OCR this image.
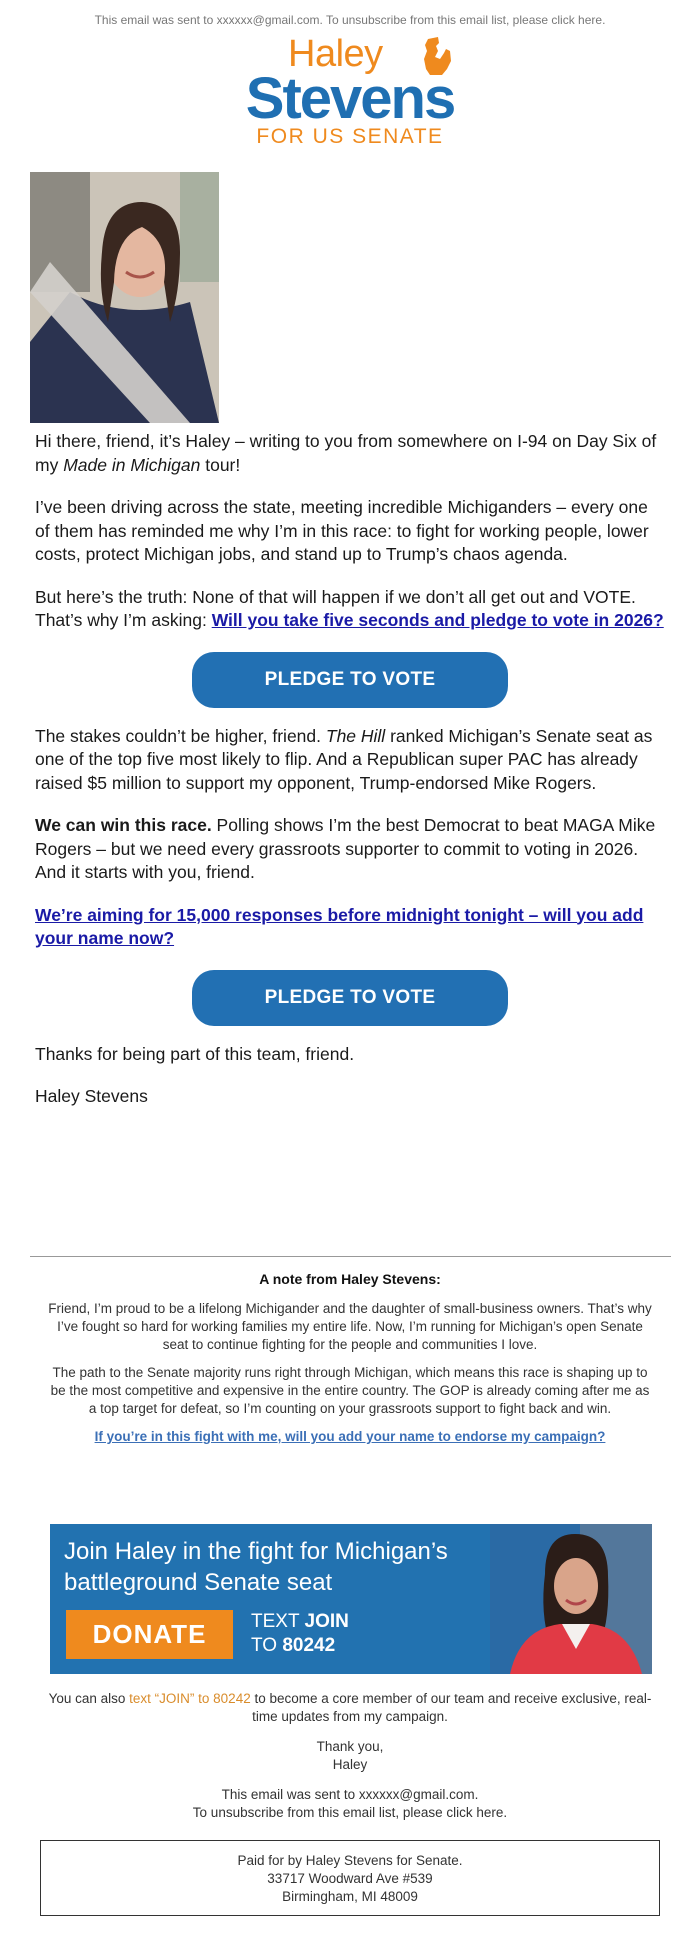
This email was sent to xxxxxx@gmail.com. To unsubscribe from this email list, please click here.
Haley
Stevens
FOR US SENATE

Hi there, friend, it’s Haley – writing to you from somewhere on I-94 on Day Six of my Made in Michigan tour!

I’ve been driving across the state, meeting incredible Michiganders – every one of them has reminded me why I’m in this race: to fight for working people, lower costs, protect Michigan jobs, and stand up to Trump’s chaos agenda.

But here’s the truth: None of that will happen if we don’t all get out and VOTE. That’s why I’m asking: Will you take five seconds and pledge to vote in 2026?

PLEDGE TO VOTE

The stakes couldn’t be higher, friend. The Hill ranked Michigan’s Senate seat as one of the top five most likely to flip. And a Republican super PAC has already raised $5 million to support my opponent, Trump-endorsed Mike Rogers.

We can win this race. Polling shows I’m the best Democrat to beat MAGA Mike Rogers – but we need every grassroots supporter to commit to voting in 2026. And it starts with you, friend.

We’re aiming for 15,000 responses before midnight tonight – will you add your name now?

PLEDGE TO VOTE

Thanks for being part of this team, friend.

Haley Stevens

A note from Haley Stevens:

Friend, I’m proud to be a lifelong Michigander and the daughter of small-business owners. That’s why I’ve fought so hard for working families my entire life. Now, I’m running for Michigan’s open Senate seat to continue fighting for the people and communities I love.

The path to the Senate majority runs right through Michigan, which means this race is shaping up to be the most competitive and expensive in the entire country. The GOP is already coming after me as a top target for defeat, so I’m counting on your grassroots support to fight back and win.

If you’re in this fight with me, will you add your name to endorse my campaign?

Join Haley in the fight for Michigan’s battleground Senate seat
DONATE	TEXT JOIN
TO 80242

You can also text “JOIN” to 80242 to become a core member of our team and receive exclusive, real-time updates from my campaign.

Thank you,
Haley

This email was sent to xxxxxx@gmail.com.
To unsubscribe from this email list, please click here.

Paid for by Haley Stevens for Senate.
33717 Woodward Ave #539
Birmingham, MI 48009
